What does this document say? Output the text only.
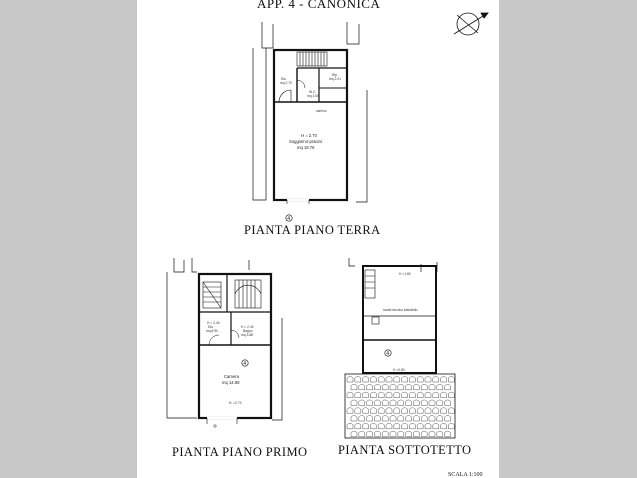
APP. 4 - CANONICA
Dis.
mq 2.70
Rip.
mq 2.01
W.C.
mq 3.06
camino
H = 2.70
Soggiorno-pranzo
mq 19.76
4
H = 2.40
Dis.
mq 8.90
H = 2.40
Bagno
mq 3.88
Camera
mq 14.69
H. =2.70
4
H =1.80
locale tecnico sottotetto
H =0.80
4
PIANTA PIANO TERRA
PIANTA PIANO PRIMO PIANTA SOTTOTETTO
SCALA 1:100
